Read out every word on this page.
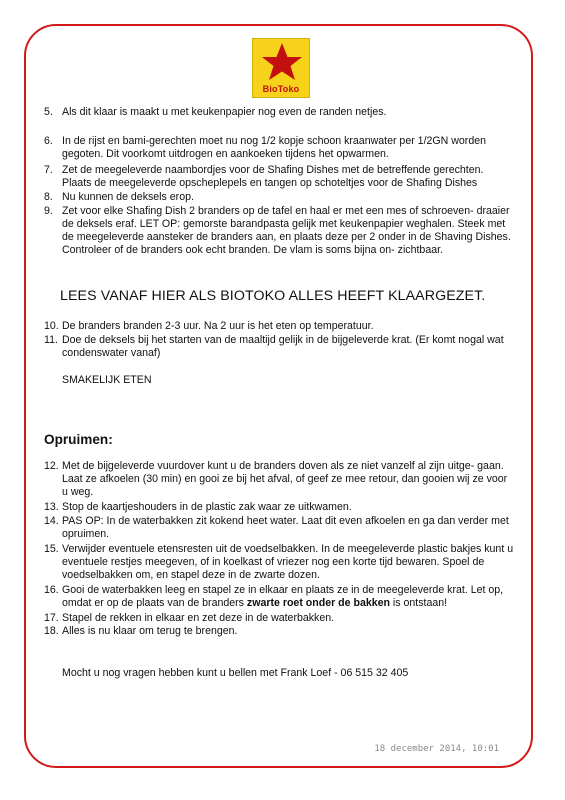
BioToko
5. Als dit klaar is maakt u met keukenpapier nog even de randen netjes.
6. In de rijst en bami-gerechten moet nu nog 1/2 kopje schoon kraanwater per 1/2GN worden gegoten. Dit voorkomt uitdrogen en aankoeken tijdens het opwarmen.
7. Zet de meegeleverde naambordjes voor de Shafing Dishes met de betreffende gerechten. Plaats de meegeleverde opscheplepels en tangen op schoteltjes voor de Shafing Dishes
8. Nu kunnen de deksels erop.
9. Zet voor elke Shafing Dish 2 branders op de tafel en haal er met een mes of schroeven- draaier de deksels eraf. LET OP: gemorste barandpasta gelijk met keukenpapier weghalen. Steek met de meegeleverde aansteker de branders aan, en plaats deze per 2 onder in de Shaving Dishes. Controleer of de branders ook echt branden. De vlam is soms bijna on- zichtbaar.
LEES VANAF HIER ALS BIOTOKO ALLES HEEFT KLAARGEZET.
10. De branders branden 2-3 uur. Na 2 uur is het eten op temperatuur.
11. Doe de deksels bij het starten van de maaltijd gelijk in de bijgeleverde krat. (Er komt nogal wat condenswater vanaf)
SMAKELIJK ETEN
Opruimen:
12. Met de bijgeleverde vuurdover kunt u de branders doven als ze niet vanzelf al zijn uitge- gaan. Laat ze afkoelen (30 min) en gooi ze bij het afval, of geef ze mee retour, dan gooien wij ze voor u weg.
13. Stop de kaartjeshouders in de plastic zak waar ze uitkwamen.
14. PAS OP: In de waterbakken zit kokend heet water. Laat dit even afkoelen en ga dan verder met opruimen.
15. Verwijder eventuele etensresten uit de voedselbakken. In de meegeleverde plastic bakjes kunt u eventuele restjes meegeven, of in koelkast of vriezer nog een korte tijd bewaren. Spoel de voedselbakken om, en stapel deze in de zwarte dozen.
16. Gooi de waterbakken leeg en stapel ze in elkaar en plaats ze in de meegeleverde krat. Let op, omdat er op de plaats van de branders zwarte roet onder de bakken is ontstaan!
17. Stapel de rekken in elkaar en zet deze in de waterbakken.
18. Alles is nu klaar om terug te brengen.
Mocht u nog vragen hebben kunt u bellen met Frank Loef - 06 515 32 405
18 december 2014, 10:01
